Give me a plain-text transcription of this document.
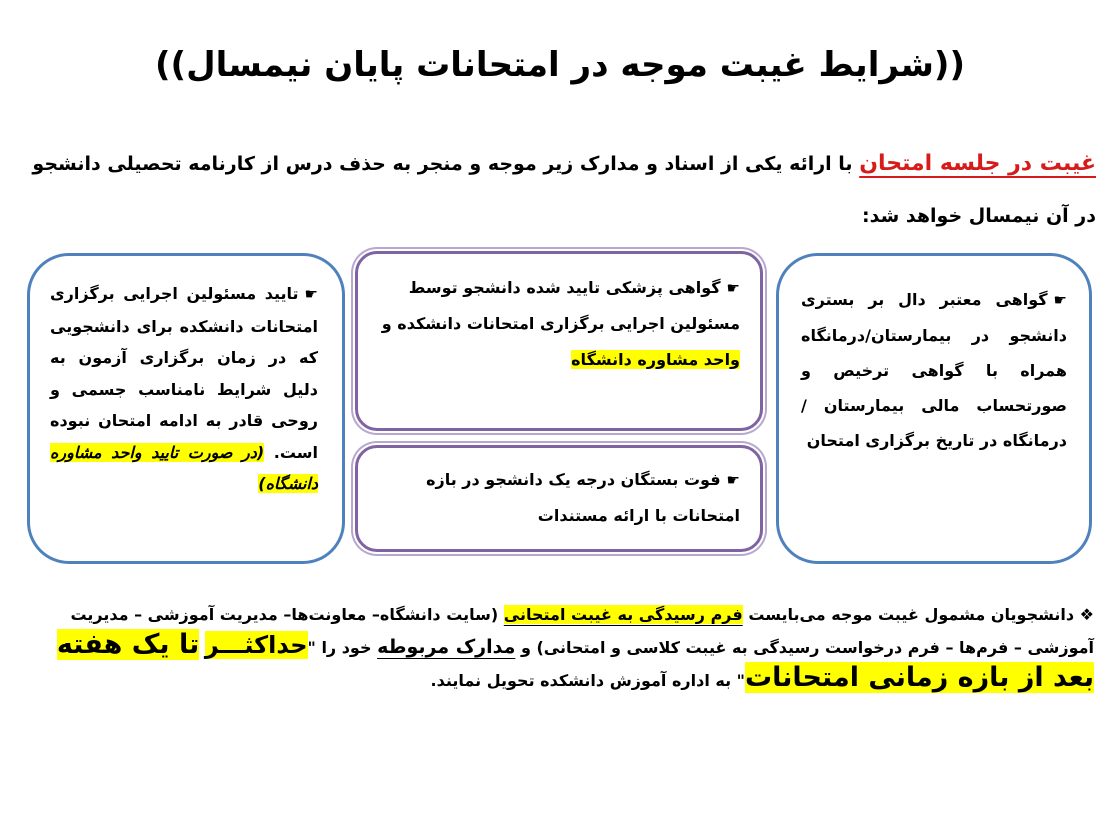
((شرایط غیبت موجه در امتحانات پایان نیمسال))
غیبت در جلسه امتحان با ارائه یکی از اسناد و مدارک زیر موجه و منجر به حذف درس از کارنامه تحصیلی دانشجو در آن نیمسال خواهد شد:
☛گواهی معتبر دال بر بستری دانشجو در بیمارستان/درمانگاه همراه با گواهی ترخیص و صورتحساب مالی بیمارستان / درمانگاه در تاریخ برگزاری امتحان
☛گواهی پزشکی تایید شده دانشجو توسط مسئولین اجرایی برگزاری امتحانات دانشکده و واحد مشاوره دانشگاه
☛فوت بستگان درجه یک دانشجو در بازه امتحانات با ارائه مستندات
☛تایید مسئولین اجرایی برگزاری امتحانات دانشکده برای دانشجویی که در زمان برگزاری آزمون به دلیل شرایط نامناسب جسمی و روحی قادر به ادامه امتحان نبوده است. (در صورت تایید واحد مشاوره دانشگاه)
❖ دانشجویان مشمول غیبت موجه می‌بایست فرم رسیدگی به غیبت امتحانی (سایت دانشگاه– معاونت‌ها– مدیریت آموزشی – مدیریت آموزشی – فرم‌ها – فرم درخواست رسیدگی به غیبت کلاسی و امتحانی) و مدارک مربوطه خود را "حداکثـــر تا یک هفته بعد از بازه زمانی امتحانات" به اداره آموزش دانشکده تحویل نمایند.
